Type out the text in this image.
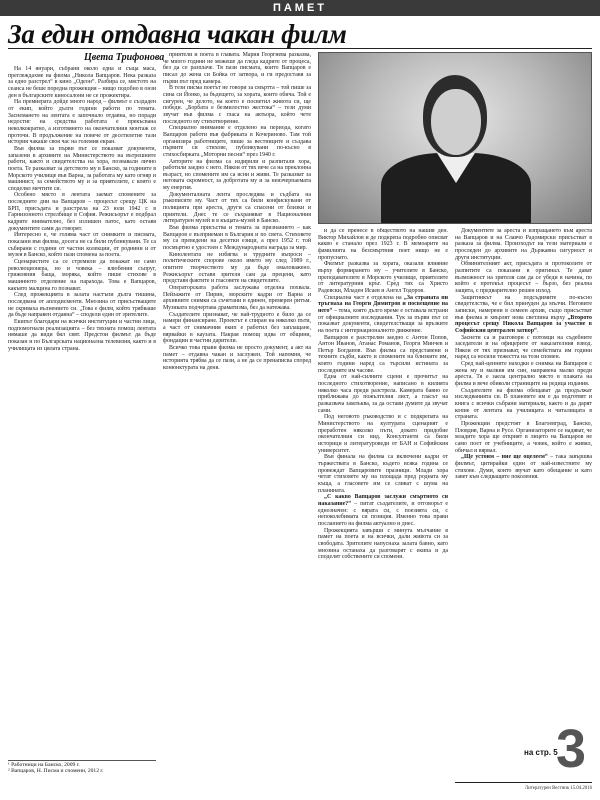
ПАМЕТ
За един отдавна чакан филм
Цвета Трифонова

На 14 януари, събрани около една и съща маса, преглеждахме на филма „Никола Вапцаров. Нека разказа за едно разстрел“ в кино „Одеон“. Разбира се, мястото на сеанса не беше поредна прожекция – нищо подобно в онзи ден в българските киносалони не се прожектира.

На премиерата дойде много народ – филмът е създаден от екип, който дълги години работи по темата. Заснемането на лентата е започнало отдавна, но поради недостиг на средства работата е прекъсвана неколкократно, а изготвянето на окончателния монтаж се проточи. В продължение на повече от десетилетие тази история чакаше своя час на големия екран.

Във филма за първи път се показват документи, запазени в архивите на Министерството на вътрешните работи, както и свидетелства на хора, познавали лично поета. Те разказват за детството му в Банско, за годините в Морското училище във Варна, за работата му като огняр и машинист, за семейството му и за приятелите, с които е споделял мечтите си.

Особено място в лентата заемат спомените за последните дни на Вапцаров – процесът срещу ЦК на БРП, присъдата и разстрела на 23 юли 1942 г. в Гарнизонното стрелбище в София. Режисьорът е подбрал кадрите внимателно, без излишен патос, като оставя документите сами да говорят.

Интересно е, че голяма част от снимките и писмата, показани във филма, досега не са били публикувани. Те са събирани с години от частни колекции, от роднини и от музея в Банско, който пази спомена за поета.

Сценаристите са се стремили да покажат не само революционера, но и човека – влюбения съпруг, грижовния баща, моряка, който пише стихове в машинното отделение на парахода. Това е Вапцаров, какъвто малцина го познават.

След прожекцията в залата настъпи дълга тишина, последвана от аплодисменти. Мнозина от присъстващите не скриваха вълнението си. „Това е филм, който трябваше да бъде направен отдавна“ – сподели един от зрителите.

Екипът благодари на всички институции и частни лица, подпомогнали реализацията – без тяхната помощ лентата нямаше да види бял свят. Предстои филмът да бъде показан и по Българската национална телевизия, както и в училищата из цялата страна.

приятели и поета в главата. Мария Георгиева разказва, че много години не можеше да гледа кадрите от процеса, без да се разплаче. Тя пази писмата, които Вапцаров е писал до жена си Бойка от затвора, и ги предоставя за първи път пред камера.

В тези писма поетът не говори за смъртта – той пише за сина си Йонко, за бъдещето, за хората, които обича. Той е сигурен, че делото, на което е посветил живота си, ще победи. „Борбата е безмилостно жестока“ – тези думи звучат във филма с гласа на актьора, който чете последното му стихотворение.

Специално внимание е отделено на периода, когато Вапцаров работи във фабриката в Кочериново. Там той организира работниците, пише за вестниците и създава първите си стихове, публикувани по-късно в стихосбирката „Моторни песни“ през 1940 г.

Авторите на филма са издирили и разпитали хора, работили заедно с него. Някои от тях вече са на преклонна възраст, но спомените им са ясни и живи. Те разказват за неговата скромност, за добротата му и за неизчерпаемата му енергия.

Документалната лента проследява и съдбата на ръкописите му. Част от тях са били конфискувани от полицията при ареста, други са спасени от близки и приятели. Днес те се съхраняват в Националния литературен музей и в къщата-музей в Банско.

Във филма присъства и темата за признанието – как Вапцаров е възприеман в България и по света. Стиховете му са преведени на десетки езици, а през 1952 г. той посмъртно е удостоен с Международната награда за мир.

Кинолентата не избягва и трудните въпроси – политическите спорове около името му след 1989 г., опитите творчеството му да бъде омаловажено. Режисьорът оставя зрителя сам да прецени, като представя фактите и гласовете на свидетелите.

Операторската работа заслужава отделна похвала. Пейзажите от Пирин, морските кадри от Варна и архивните снимки са съчетани в единен, премерен ритъм. Музиката подчертава драматизма, без да натежава.

Създателите признават, че най-трудното е било да се намери финансиране. Проектът е спиран на няколко пъти, а част от снимачния екип е работил без заплащане, вярвайки в каузата. Накрая помощ идва от общини, фондации и частни дарители.

Всичко това прави филма не просто документ, а акт на памет – отдавна чакан и заслужен. Той напомня, че историята трябва да се пази, а не да се пренаписва според конюнктурата на деня.

и да се пренесе в обществото на нашия ден. Виктор Михайлов и де подкрепа подробно описват какво е станало през 1923 г. В мемоарите на фамилията на безсмъртния поет нищо не е пропуснато.

Филмът разказва за хората, оказали влияние върху формирането му – учителите в Банско, преподавателите в Морското училище, приятелите от литературния кръг. Сред тях са Христо Радевски, Младен Исаев и Ангел Тодоров.

Специална част е отделена на „За страната ни тръгнаха на Георги Димитров и посвещение на него“ – тема, която дълго време е оставала встрани от официалните изследвания. Тук за първи път се показват документи, свидетелстващи за връзките на поета с интернационалното движение.

Вапцаров е разстрелян заедно с Антон Попов, Антон Иванов, Атанас Романов, Георги Минчев и Петър Богданов. Във филма са представени и техните съдби, както и спомените на близките им, които години наред са търсили истината за последните им часове.

Една от най-силните сцени е прочитът на последното стихотворение, написано в килията няколко часа преди разстрела. Камерата бавно се приближава до пожълтелия лист, а гласът на разказвача замлъква, за да остави думите да звучат сами.

Под неговото ръководство и с подкрепата на Министерството на културата сценарият е преработен няколко пъти, докато придобие окончателния си вид. Консултанти са били историци и литературоведи от БАН и Софийския университет.

Във финала на филма са включени кадри от тържествата в Банско, където всяка година се провеждат Вапцаровите празници. Млади хора четат стиховете му на площада пред родната му къща, а гласовете им се сливат с шума на планината.

„С какво Вапцаров заслужи смъртното си наказание?“ – питат създателите, и отговорът е еднозначен: с вярата си, с поезията си, с непоколебимата си позиция. Именно това прави посланието на филма актуално и днес.

Прожекцията завърши с минута мълчание в памет на поета и на всички, дали живота си за свободата. Зрителите напуснаха залата бавно, като мнозина останаха да разговарят с екипа и да споделят собствените си спомени.

Документите за ареста и изпращането към ареста на Вапцаров и на Славчо Радомирски присъстват в разказа за филма. Произходът на тези материали е проследен до архивите на Държавна сигурност и други институции.

Обвинителният акт, присъдата и протоколите от разпитите са показани в оригинал. Те дават възможност на зрителя сам да се убеди в начина, по който е протекъл процесът – бързо, без реална защита, с предварително решен изход.

Защитникът на подсъдимите по-късно свидетелства, че е бил принуден да мълчи. Неговите записки, намерени в семеен архив, също присъстват във филма и хвърлят нова светлина върху „Второто процесът срещу Никола Вапцаров за участие в Софийския централен затвор“.

Заснети са и разговори с потомци на съдебните заседатели и на офицерите от наказателния взвод. Някои от тях признават, че семействата им години наред са носили тежестта на този спомен.

Сред най-ценните находки е снимка на Вапцаров с жена му и малкия им син, направена малко преди ареста. Тя е заела централно място в плаката на филма и вече обиколи страниците на редица издания.

Създателите на филма обещават да продължат изследванията си. В плановете им е да подготвят и книга с всички събрани материали, както и да дарят копие от лентата на училищата и читалищата в страната.

Прожекции предстоят в Благоевград, Банско, Пловдив, Варна и Русе. Организаторите се надяват, че младите хора ще открият в лицето на Вапцаров не само поет от учебниците, а човек, който е живял, обичал и вярвал.

„Ще устоим – ние ще оцелеем“ – така завършва филмът, цитирайки един от най-известните му стихове. Думи, които звучат като обещание и като завет към следващите поколения.

¹ Работници на Банско, 2009 г.
² Вапцаров, Н. Писма и спомени, 2012 г.
на стр. 5
3
Литературен Вестник 15.04.2016
